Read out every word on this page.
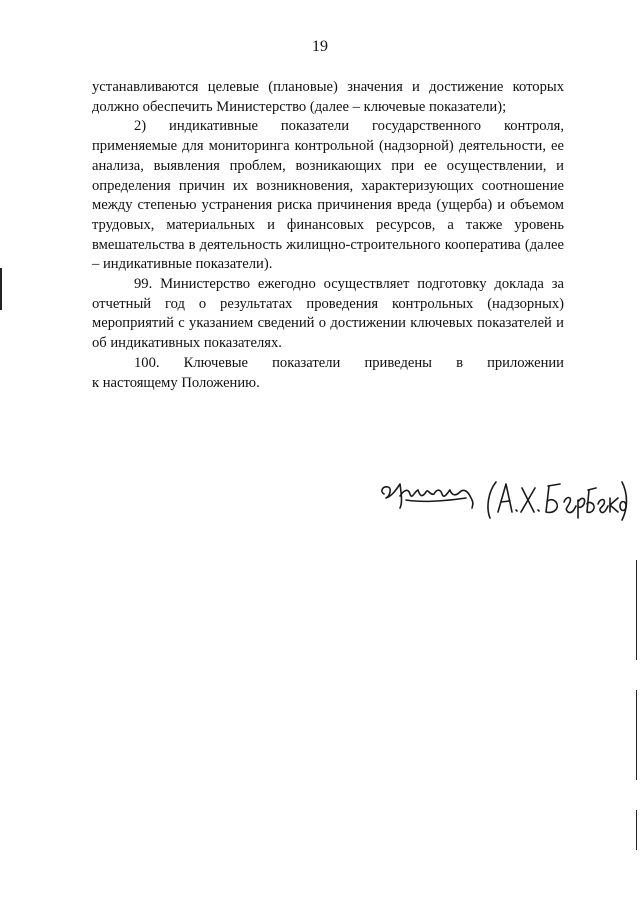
19

устанавливаются целевые (плановые) значения и достижение которых должно обеспечить Министерство (далее – ключевые показатели);

2) индикативные показатели государственного контроля, применяемые для мониторинга контрольной (надзорной) деятельности, ее анализа, выявления проблем, возникающих при ее осуществлении, и определения причин их возникновения, характеризующих соотношение между степенью устранения риска причинения вреда (ущерба) и объемом трудовых, материальных и финансовых ресурсов, а также уровень вмешательства в деятельность жилищно-строительного кооператива (далее – индикативные показатели).

99. Министерство ежегодно осуществляет подготовку доклада за отчетный год о результатах проведения контрольных (надзорных) мероприятий с указанием сведений о достижении ключевых показателей и об индикативных показателях.

100. Ключевые показатели приведены в приложении

к настоящему Положению.
